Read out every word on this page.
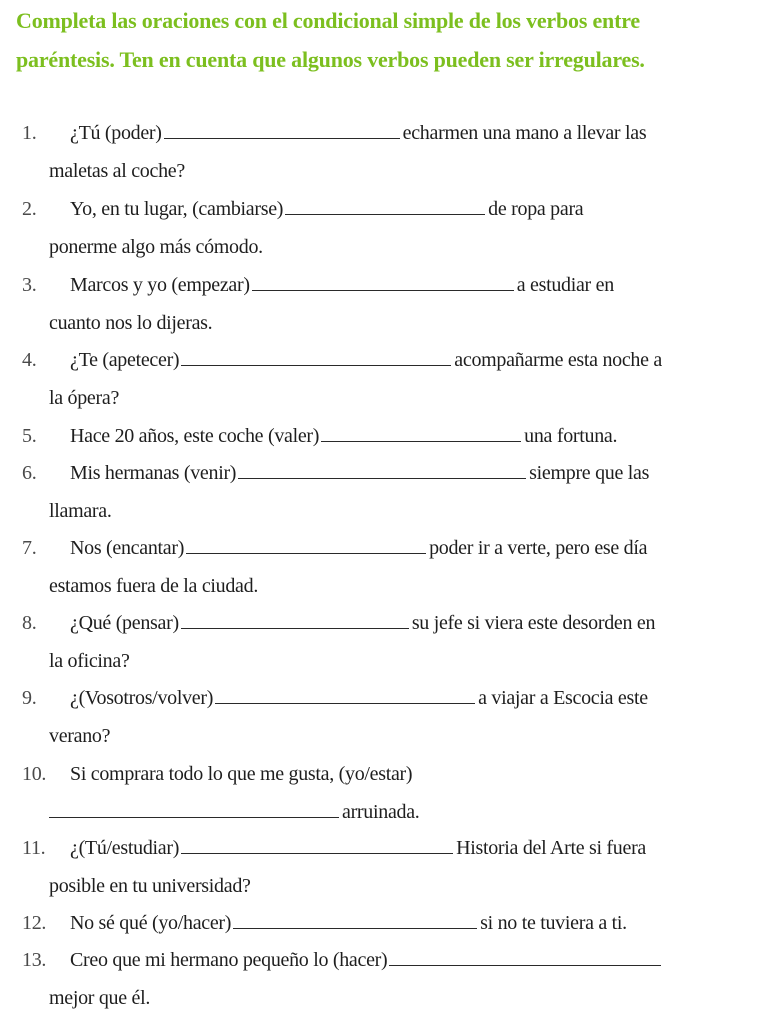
Completa las oraciones con el condicional simple de los verbos entre paréntesis. Ten en cuenta que algunos verbos pueden ser irregulares.
1.	¿Tú (poder)	echarmen una mano a llevar las
maletas al coche?
2.	Yo, en tu lugar, (cambiarse)	de ropa para
ponerme algo más cómodo.
3.	Marcos y yo (empezar)	a estudiar en
cuanto nos lo dijeras.
4.	¿Te (apetecer)	acompañarme esta noche a
la ópera?
5.	Hace 20 años, este coche (valer)	una fortuna.
6.	Mis hermanas (venir)	siempre que las
llamara.
7.	Nos (encantar)	poder ir a verte, pero ese día
estamos fuera de la ciudad.
8.	¿Qué (pensar)	su jefe si viera este desorden en
la oficina?
9.	¿(Vosotros/volver)	a viajar a Escocia este
verano?
10.	Si comprara todo lo que me gusta, (yo/estar)
arruinada.
11.	¿(Tú/estudiar)	Historia del Arte si fuera
posible en tu universidad?
12.	No sé qué (yo/hacer)	si no te tuviera a ti.
13.	Creo que mi hermano pequeño lo (hacer)
mejor que él.
